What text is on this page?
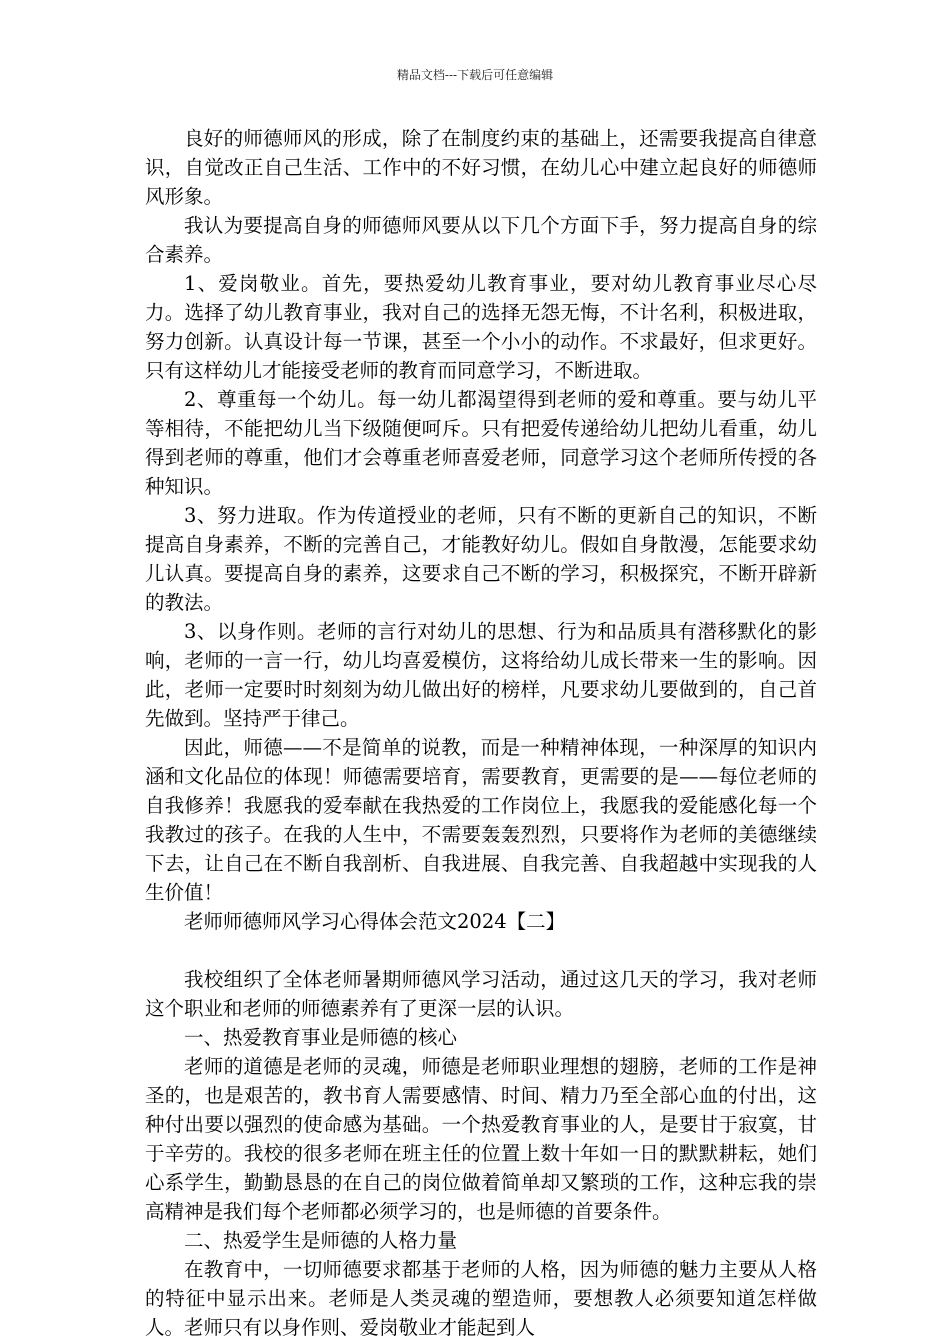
精品文档---下载后可任意编辑

良好的师德师风的形成，除了在制度约束的基础上，还需要我提高自律意识，自觉改正自己生活、工作中的不好习惯，在幼儿心中建立起良好的师德师风形象。

我认为要提高自身的师德师风要从以下几个方面下手，努力提高自身的综合素养。

1、爱岗敬业。首先，要热爱幼儿教育事业，要对幼儿教育事业尽心尽力。选择了幼儿教育事业，我对自己的选择无怨无悔，不计名利，积极进取，努力创新。认真设计每一节课，甚至一个小小的动作。不求最好，但求更好。只有这样幼儿才能接受老师的教育而同意学习，不断进取。

2、尊重每一个幼儿。每一幼儿都渴望得到老师的爱和尊重。要与幼儿平等相待，不能把幼儿当下级随便呵斥。只有把爱传递给幼儿把幼儿看重，幼儿得到老师的尊重，他们才会尊重老师喜爱老师，同意学习这个老师所传授的各种知识。

3、努力进取。作为传道授业的老师，只有不断的更新自己的知识，不断提高自身素养，不断的完善自己，才能教好幼儿。假如自身散漫，怎能要求幼儿认真。要提高自身的素养，这要求自己不断的学习，积极探究，不断开辟新的教法。

3、以身作则。老师的言行对幼儿的思想、行为和品质具有潜移默化的影响，老师的一言一行，幼儿均喜爱模仿，这将给幼儿成长带来一生的影响。因此，老师一定要时时刻刻为幼儿做出好的榜样，凡要求幼儿要做到的，自己首先做到。坚持严于律己。

因此，师德——不是简单的说教，而是一种精神体现，一种深厚的知识内涵和文化品位的体现！师德需要培育，需要教育，更需要的是——每位老师的自我修养！我愿我的爱奉献在我热爱的工作岗位上，我愿我的爱能感化每一个我教过的孩子。在我的人生中，不需要轰轰烈烈，只要将作为老师的美德继续下去，让自己在不断自我剖析、自我进展、自我完善、自我超越中实现我的人生价值！

老师师德师风学习心得体会范文2024【二】

我校组织了全体老师暑期师德风学习活动，通过这几天的学习，我对老师这个职业和老师的师德素养有了更深一层的认识。

一、热爱教育事业是师德的核心

老师的道德是老师的灵魂，师德是老师职业理想的翅膀，老师的工作是神圣的，也是艰苦的，教书育人需要感情、时间、精力乃至全部心血的付出，这种付出要以强烈的使命感为基础。一个热爱教育事业的人，是要甘于寂寞，甘于辛劳的。我校的很多老师在班主任的位置上数十年如一日的默默耕耘，她们心系学生，勤勤恳恳的在自己的岗位做着简单却又繁琐的工作，这种忘我的崇高精神是我们每个老师都必须学习的，也是师德的首要条件。

二、热爱学生是师德的人格力量

在教育中，一切师德要求都基于老师的人格，因为师德的魅力主要从人格的特征中显示出来。老师是人类灵魂的塑造师，要想教人必须要知道怎样做人。老师只有以身作则、爱岗敬业才能起到人
